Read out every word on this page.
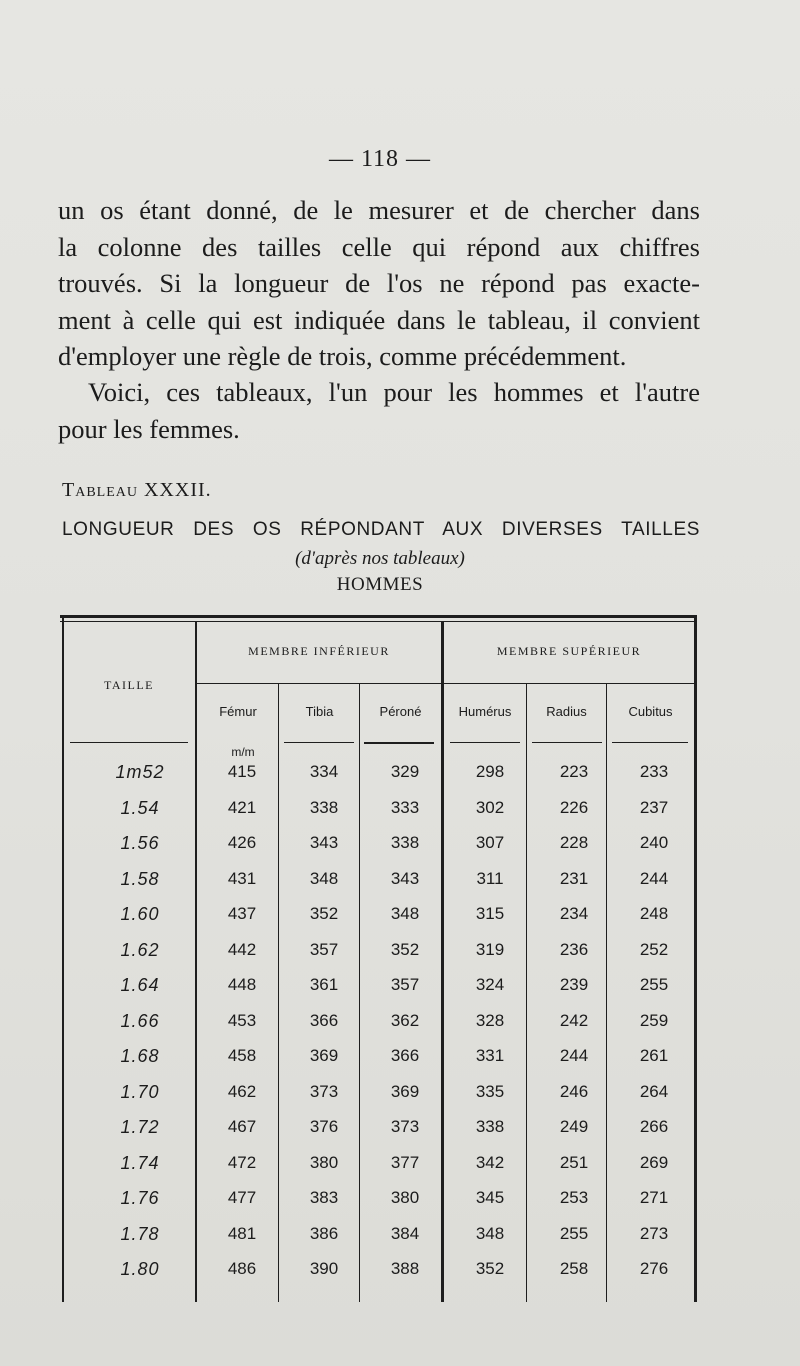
— 118 —
un os étant donné, de le mesurer et de chercher dans
la colonne des tailles celle qui répond aux chiffres
trouvés. Si la longueur de l'os ne répond pas exacte-
ment à celle qui est indiquée dans le tableau, il convient
d'employer une règle de trois, comme précédemment.
Voici, ces tableaux, l'un pour les hommes et l'autre
pour les femmes.
Tableau XXXII.
LONGUEUR DES OS RÉPONDANT AUX DIVERSES TAILLES
(d'après nos tableaux)
HOMMES
TAILLE
MEMBRE INFÉRIEUR	MEMBRE SUPÉRIEUR
Fémur	Tibia	Péroné	Humérus	Radius	Cubitus
m/m
1m52	415	334	329	298	223	233
1.54	421	338	333	302	226	237
1.56	426	343	338	307	228	240
1.58	431	348	343	311	231	244
1.60	437	352	348	315	234	248
1.62	442	357	352	319	236	252
1.64	448	361	357	324	239	255
1.66	453	366	362	328	242	259
1.68	458	369	366	331	244	261
1.70	462	373	369	335	246	264
1.72	467	376	373	338	249	266
1.74	472	380	377	342	251	269
1.76	477	383	380	345	253	271
1.78	481	386	384	348	255	273
1.80	486	390	388	352	258	276
